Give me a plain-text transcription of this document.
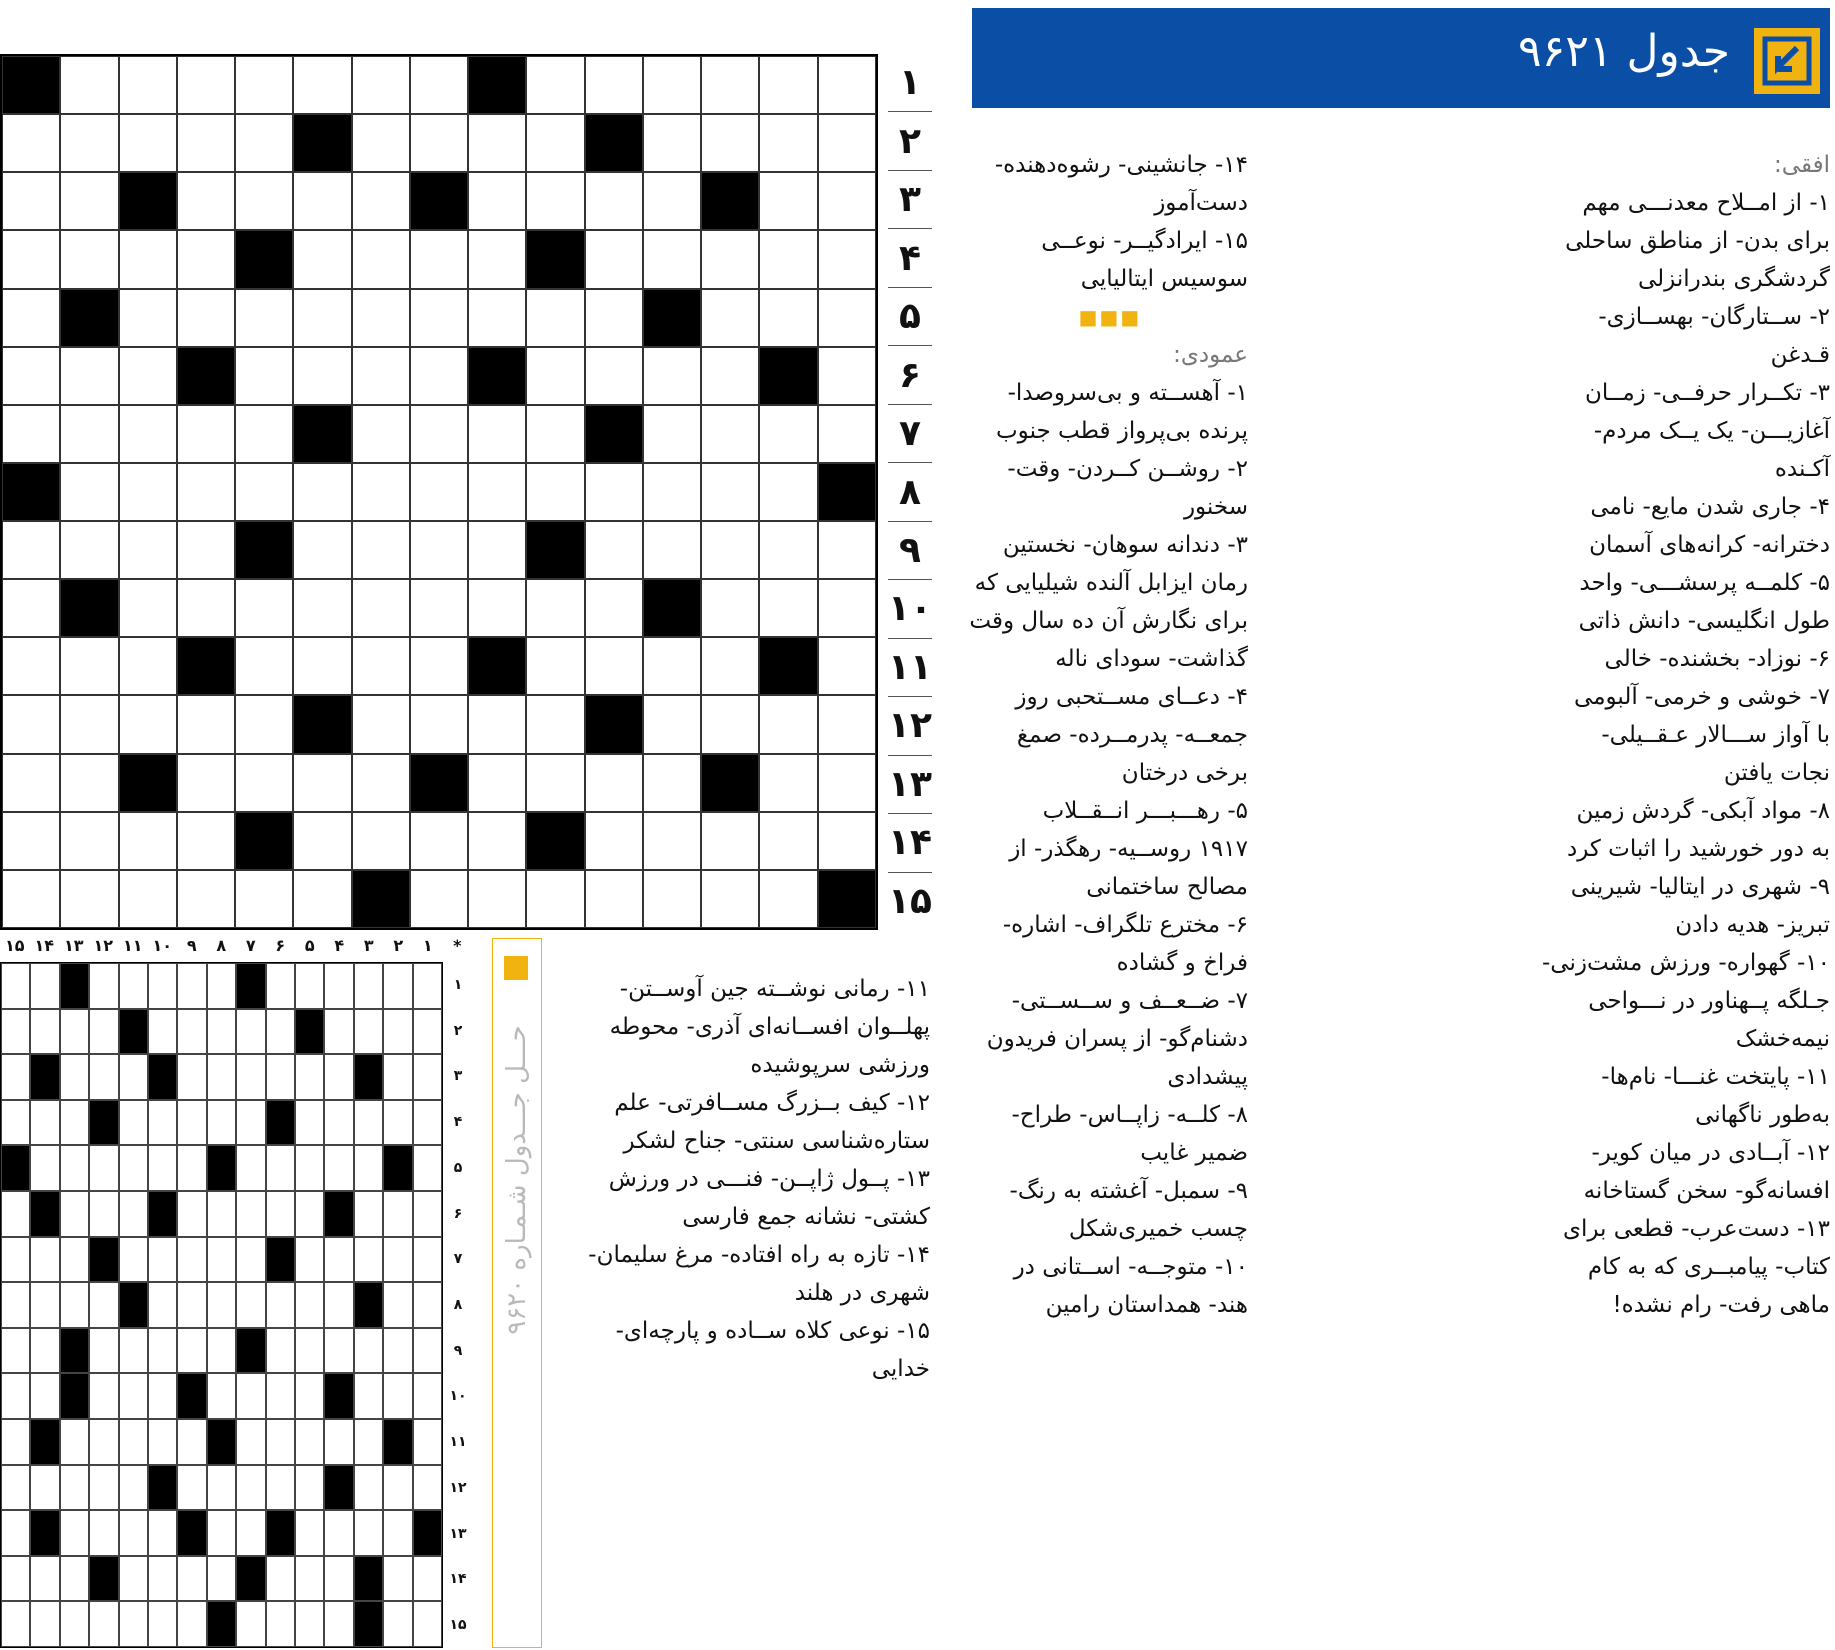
جدول ۹۶۲۱
۱
۲
۳
۴
۵
۶
۷
۸
۹
۱۰
۱۱
۱۲
۱۳
۱۴
۱۵
افقی:
۱- از امــلاح معدنـــی مهم
برای بدن- از مناطق ساحلی
گردشگری بندرانزلی
۲- ســتارگان- بهســازی-
قـدغن
۳- تکــرار حرفــی- زمــان
آغازیـــن- یک یــک مردم-
آکـنده
۴- جاری شدن مایع- نامی
دخترانه- کرانه‌های آسمان
۵- کلمــه پرسشـــی- واحد
طول انگلیسی- دانش ذاتی
۶- نوزاد- بخشنده- خالی
۷- خوشی و خرمی- آلبومی
با آواز ســـالار عـقــیلی-
نجات یافتن
۸- مواد آبکی- گردش زمین
به دور خورشید را اثبات کرد
۹- شهری در ایتالیا- شیرینی
تبریز- هدیه دادن
۱۰- گهواره- ورزش مشت‌زنی-
جـلگه پــهناور در نـــواحی
نیمه‌خشک
۱۱- پایتخت غنـــا- نام‌ها-
به‌طور ناگهانی
۱۲- آبــادی در میان کویر-
افسانه‌گو- سخن گستاخانه
۱۳- دست‌عرب- قطعی برای
کتاب- پیامبــری که به کام
ماهی رفت- رام نشده!
۱۴- جانشینی- رشوه‌دهنده-
دست‌آموز
۱۵- ایرادگیــر- نوعــی
سوسیس ایتالیایی
■■■
عمودی:
۱- آهســته و بی‌سروصدا-
پرنده بی‌پرواز قطب جنوب
۲- روشــن کــردن- وقت-
سخنور
۳- دندانه سوهان- نخستین
رمان ایزابل آلنده شیلیایی که
برای نگارش آن ده سال وقت
گذاشت- سودای ناله
۴- دعــای مســتحبی روز
جمعــه- پدرمــرده- صمغ
برخی درختان
۵- رهـــبـــر انــقــلاب
۱۹۱۷ روســیه- رهگذر- از
مصالح ساختمانی
۶- مخترع تلگراف- اشاره-
فراخ و گشاده
۷- ضــعــف و ســســتی-
دشنام‌گو- از پسران فریدون
پیشدادی
۸- کلــه- زاپــاس- طراح-
ضمیر غایب
۹- سمبل- آغشته به رنگ-
چسب خمیری‌شکل
۱۰- متوجــه- اســتانی در
هند- همداستان رامین
۱۱- رمانی نوشــته جین آوســتن-
پهلــوان افســانه‌ای آذری- محوطه
ورزشی سرپوشیده
۱۲- کیف بــزرگ مســافرتی- علم
ستاره‌شناسی سنتی- جناح لشکر
۱۳- پــول ژاپــن- فنـــی در ورزش
کشتی- نشانه جمع فارسی
۱۴- تازه به راه افتاده- مرغ سلیمان-
شهری در هلند
۱۵- نوعی کلاه ســاده و پارچه‌ای-
خدایی
حـــل جـــدول شـمـاره ۹۶۲۰
۱۵ ۱۴ ۱۳ ۱۲ ۱۱ ۱۰ ۹	۸	۷	۶	۵	۴	۳	۲	۱	*
۱
۲
۳
۴
۵
۶
۷
۸
۹
۱۰
۱۱
۱۲
۱۳
۱۴
۱۵
